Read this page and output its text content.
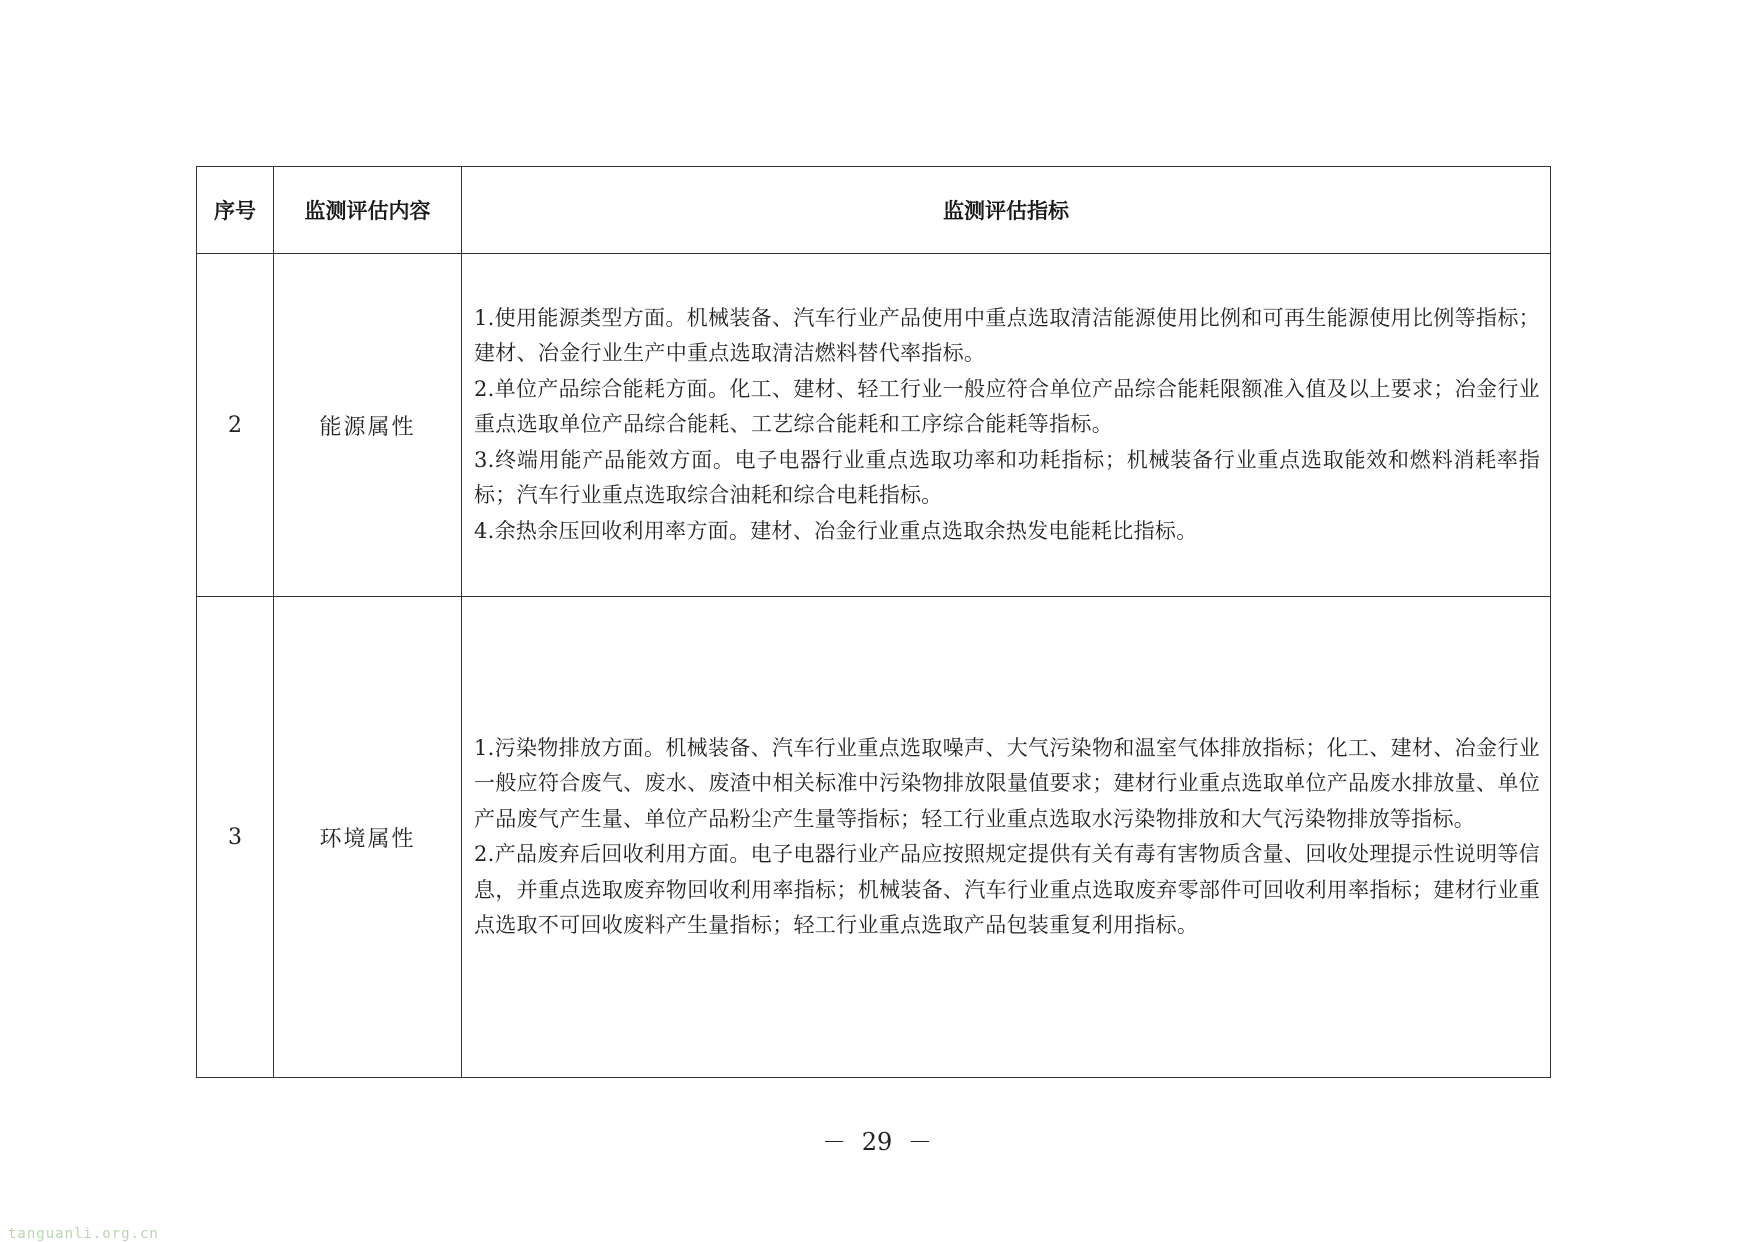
序号	监测评估内容	监测评估指标
2	能源属性	1.使用能源类型方面。机械装备、汽车行业产品使用中重点选取清洁能源使用比例和可再生能源使用比例等指标；建材、冶金行业生产中重点选取清洁燃料替代率指标。
2.单位产品综合能耗方面。化工、建材、轻工行业一般应符合单位产品综合能耗限额准入值及以上要求；冶金行业重点选取单位产品综合能耗、工艺综合能耗和工序综合能耗等指标。
3.终端用能产品能效方面。电子电器行业重点选取功率和功耗指标；机械装备行业重点选取能效和燃料消耗率指标；汽车行业重点选取综合油耗和综合电耗指标。
4.余热余压回收利用率方面。建材、冶金行业重点选取余热发电能耗比指标。

3	环境属性	1.污染物排放方面。机械装备、汽车行业重点选取噪声、大气污染物和温室气体排放指标；化工、建材、冶金行业一般应符合废气、废水、废渣中相关标准中污染物排放限量值要求；建材行业重点选取单位产品废水排放量、单位产品废气产生量、单位产品粉尘产生量等指标；轻工行业重点选取水污染物排放和大气污染物排放等指标。
2.产品废弃后回收利用方面。电子电器行业产品应按照规定提供有关有毒有害物质含量、回收处理提示性说明等信息，并重点选取废弃物回收利用率指标；机械装备、汽车行业重点选取废弃零部件可回收利用率指标；建材行业重点选取不可回收废料产生量指标；轻工行业重点选取产品包装重复利用指标。
－ 29 －
tanguanli.org.cn
